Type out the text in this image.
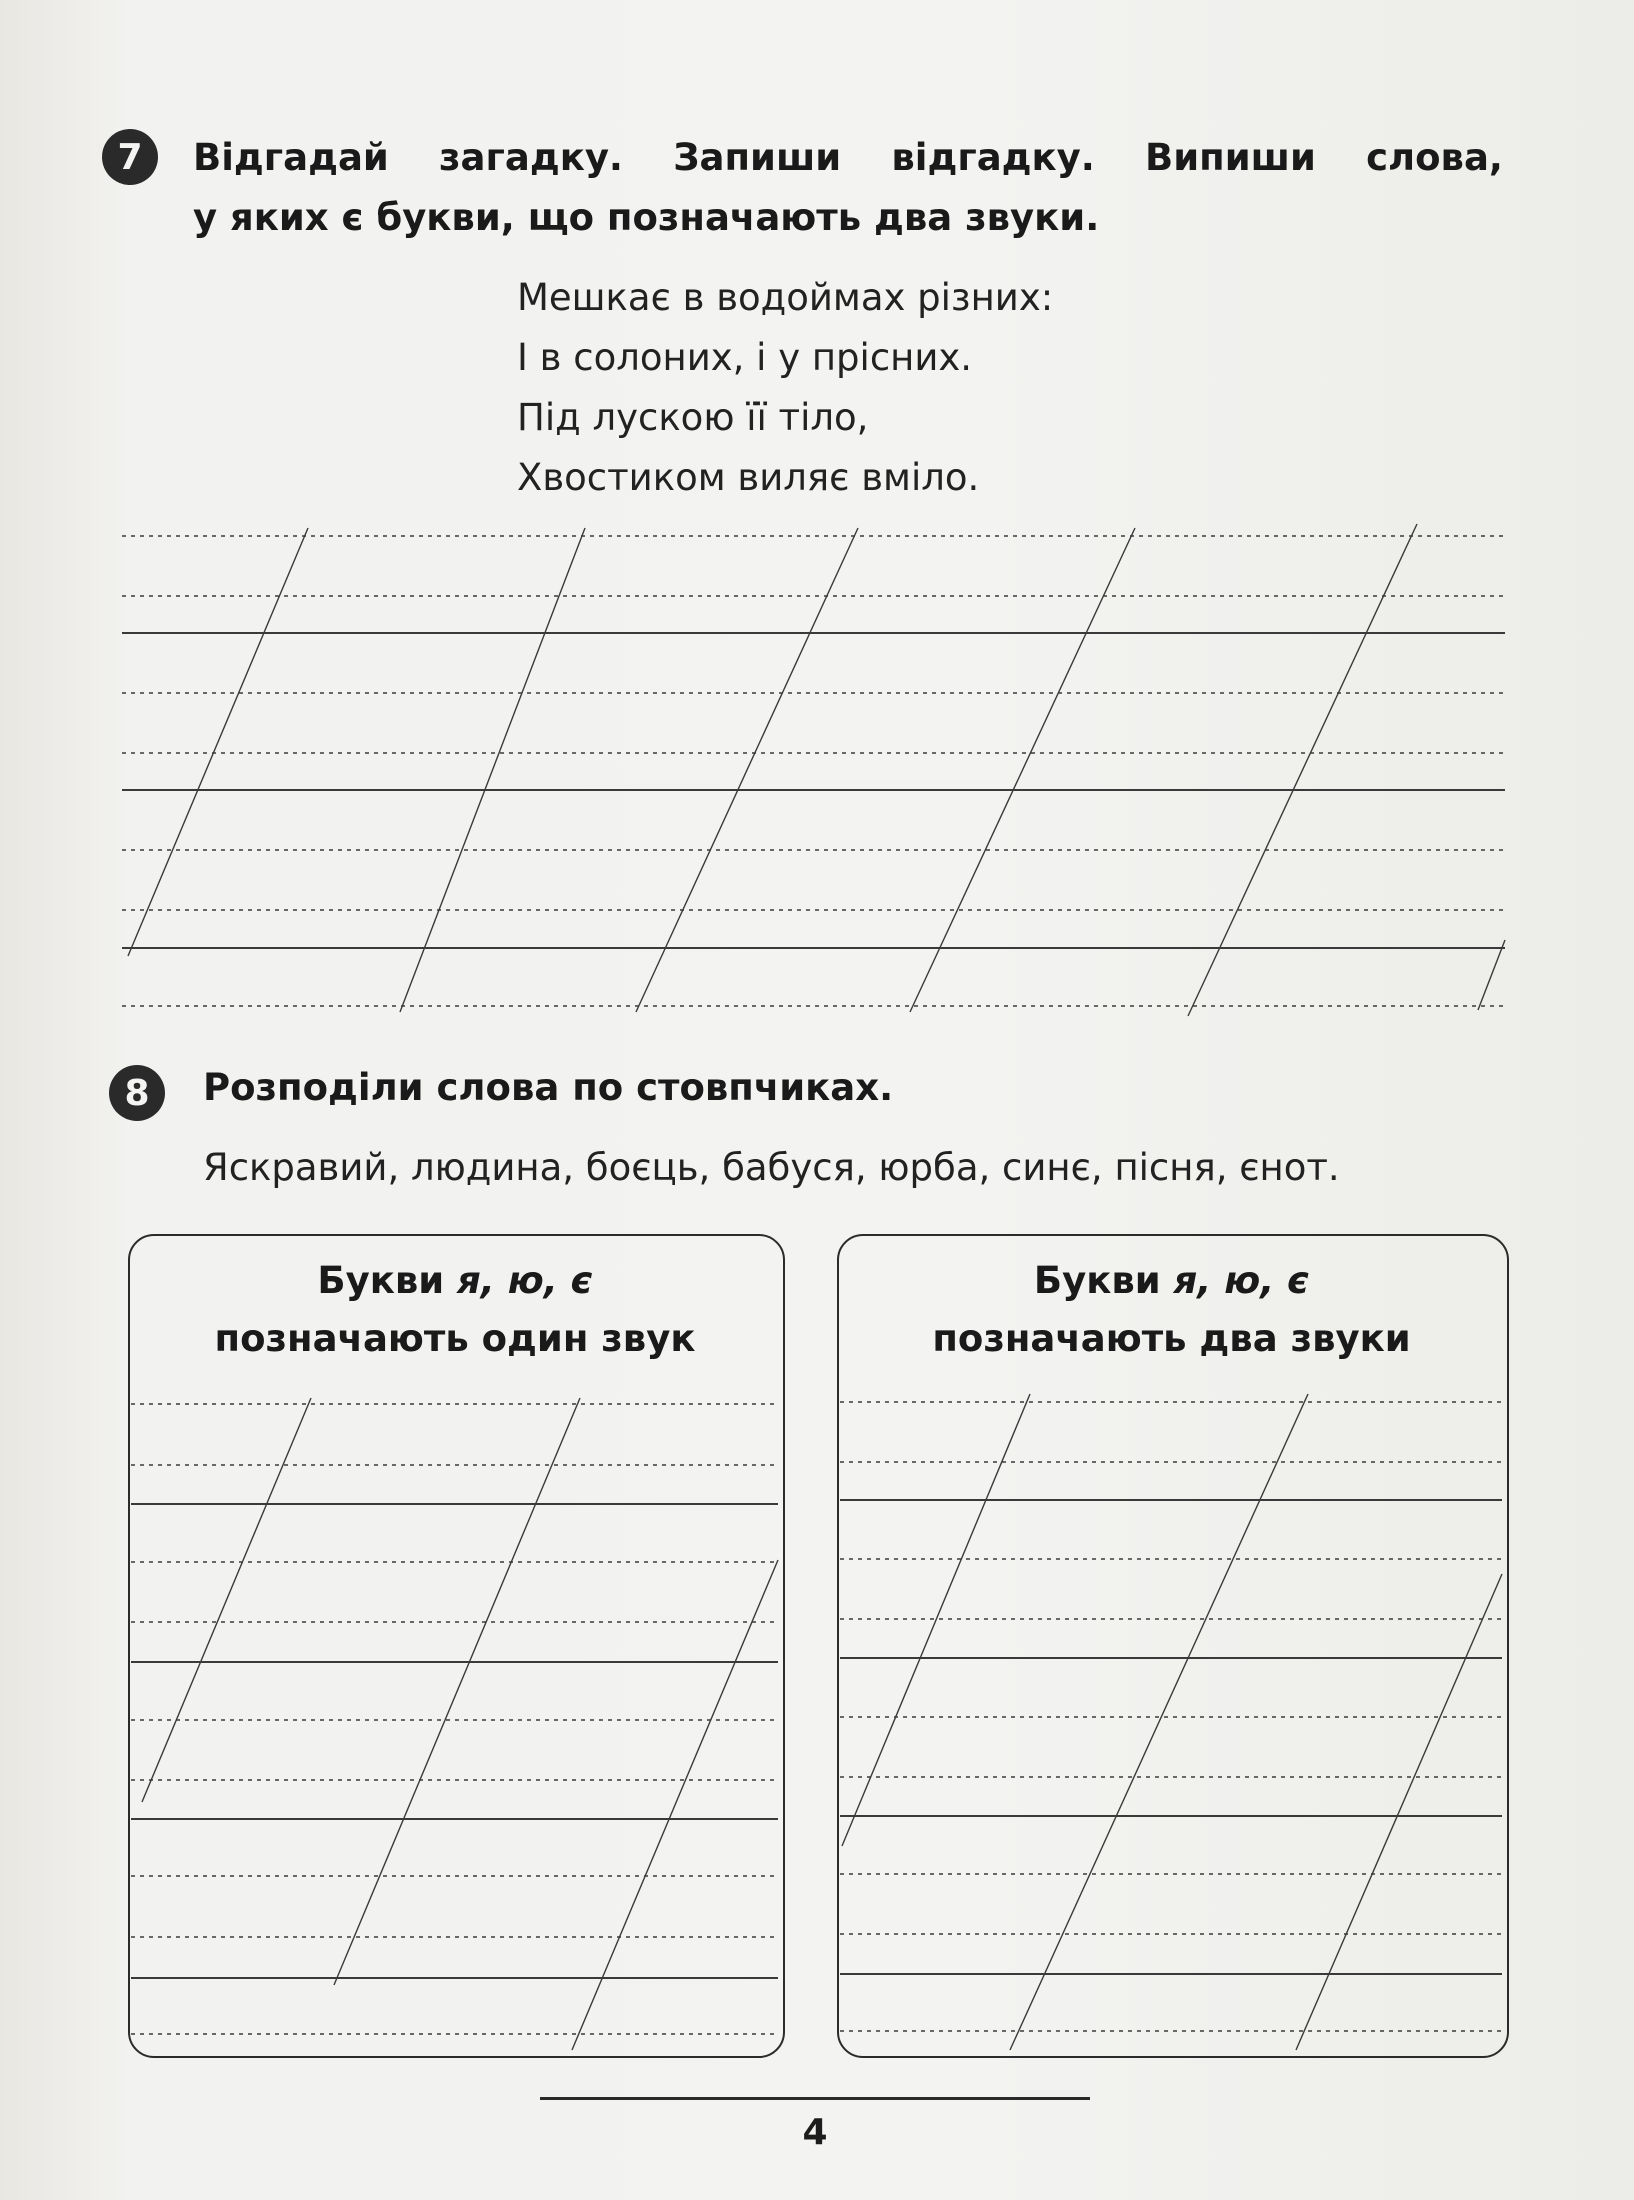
7	Відгадай загадку. Запиши відгадку. Випиши слова,
у яких є букви, що позначають два звуки.
Мешкає в водоймах різних:
І в солоних, і у прісних.
Під лускою її тіло,
Хвостиком виляє вміло.
8	Розподіли слова по стовпчиках.
Яскравий, людина, боєць, бабуся, юрба, синє, пісня, єнот.
Букви я, ю, є
позначають один звук
Букви я, ю, є
позначають два звуки
4
